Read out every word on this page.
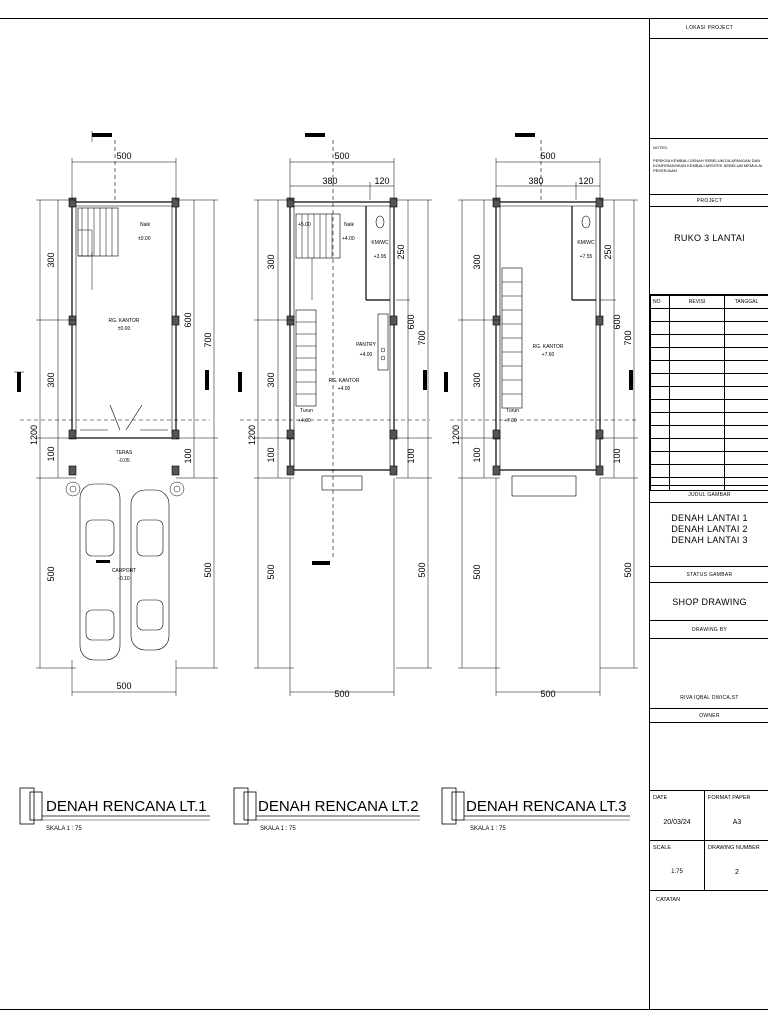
500
500
300
300
1200
100
500
600
700
100
500
RG. KANTOR
±0.00
TERAS
-0.05
CARPORT
-0.10
Naik
±0.00
500
380	120
500
300
300
1200
100
500
250
600
700
100
500
RG. KANTOR
+4.00
KM/WC
+3.95
PANTRY
+4.00
Naik
+4.00
Turun
+4.00
+5.00
500
380	120
500
300
300
1200
100
500
250
600
700
100
500
RG. KANTOR
+7.60
KM/WC
+7.55
Turun
+7.60
DENAH RENCANA LT.1
SKALA 1 : 75
DENAH RENCANA LT.2
SKALA 1 : 75
DENAH RENCANA LT.3
SKALA 1 : 75
LOKASI PROJECT
NOTES:
PERIKSA KEMBALI DENAH SEBELUM DILAPANGAN DAN KONFIRMASIKAN KEMBALI ARSITEK SEBELUM MEMULAI PEKERJAAN
PROJECT
RUKO 3 LANTAI
NO	REVISI	TANGGAL

JUDUL GAMBAR
DENAH LANTAI 1
DENAH LANTAI 2
DENAH LANTAI 3
STATUS GAMBAR
SHOP DRAWING
DRAWING BY
RIVA IQBAL DWICA,ST
OWNER
DATE
20/03/24
FORMAT PAPER
A3
SCALE
1:75
DRAWING NUMBER
2
CATATAN
